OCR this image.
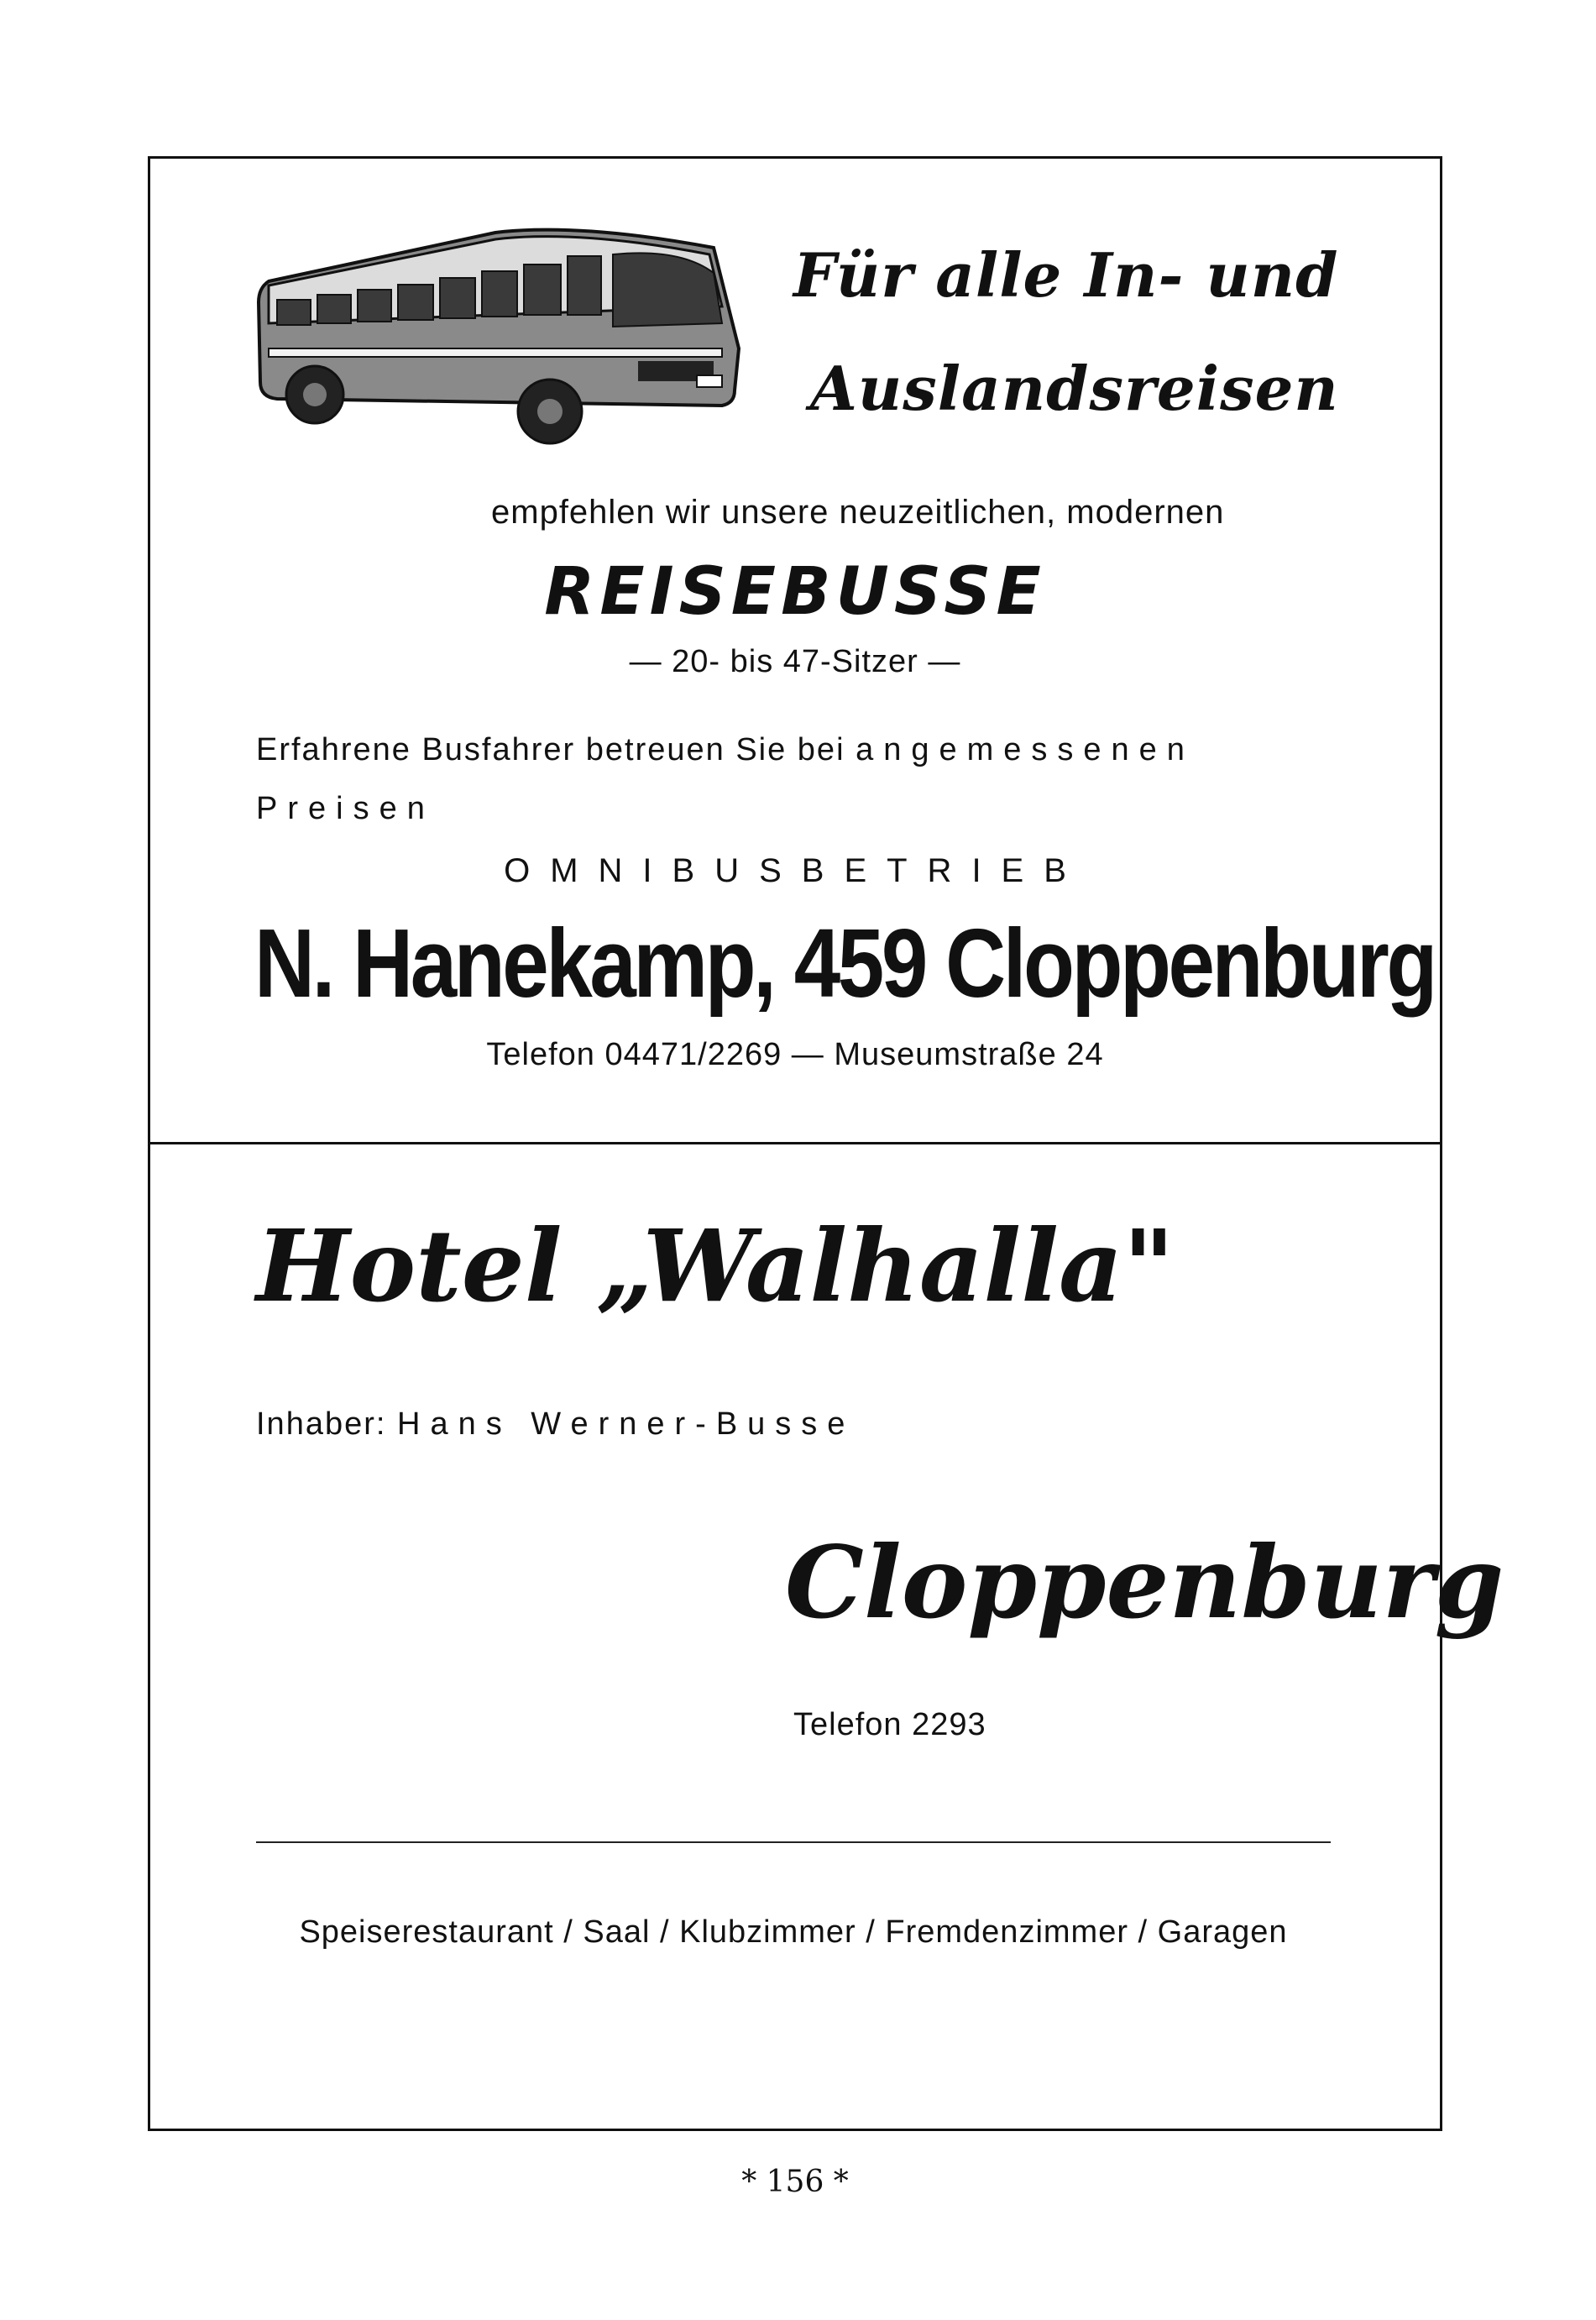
Für alle In- und

Auslandsreisen

empfehlen wir unsere neuzeitlichen, modernen

REISEBUSSE

— 20- bis 47-Sitzer —

Erfahrene Busfahrer betreuen Sie bei angemessenen Preisen

OMNIBUSBETRIEB

N. Hanekamp, 459 Cloppenburg

Telefon 04471/2269 — Museumstraße 24

Hotel „Walhalla"

Inhaber: Hans Werner-Busse

Cloppenburg

Telefon 2293

Speiserestaurant / Saal / Klubzimmer / Fremdenzimmer / Garagen

* 156 *
